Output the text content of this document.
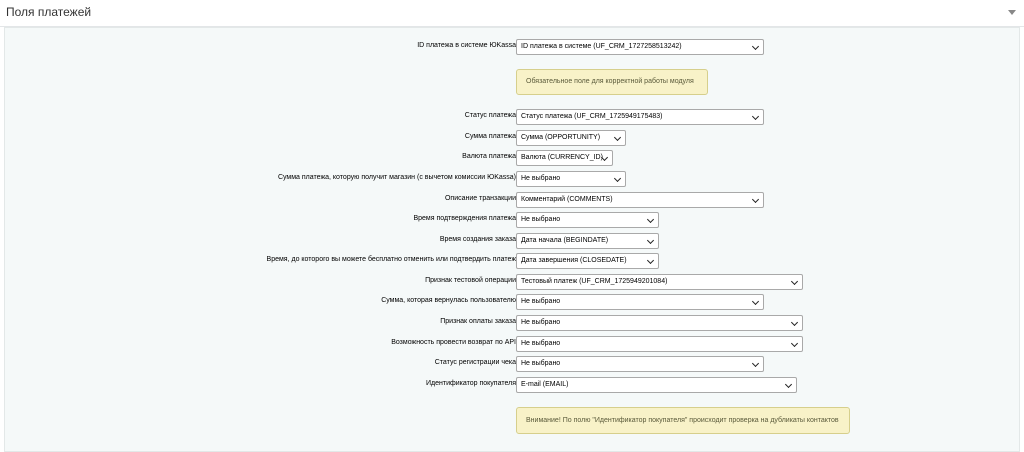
Поля платежей
ID платежа в системе ЮKassa ID платежа в системе (UF_CRM_1727258513242)
Обязательное поле для корректной работы модуля
Статус платежа Статус платежа (UF_CRM_1725949175483)
Сумма платежа Сумма (OPPORTUNITY)
Валюта платежа Валюта (CURRENCY_ID)
Сумма платежа, которую получит магазин (с вычетом комиссии ЮKassa) Не выбрано
Описание транзакции Комментарий (COMMENTS)
Время подтверждения платежа Не выбрано
Время создания заказа Дата начала (BEGINDATE)
Время, до которого вы можете бесплатно отменить или подтвердить платеж Дата завершения (CLOSEDATE)
Признак тестовой операции Тестовый платеж (UF_CRM_1725949201084)
Сумма, которая вернулась пользователю Не выбрано
Признак оплаты заказа Не выбрано
Возможность провести возврат по API Не выбрано
Статус регистрации чека Не выбрано
Идентификатор покупателя E-mail (EMAIL)
Внимание! По полю "Идентификатор покупателя" происходит проверка на дубликаты контактов
